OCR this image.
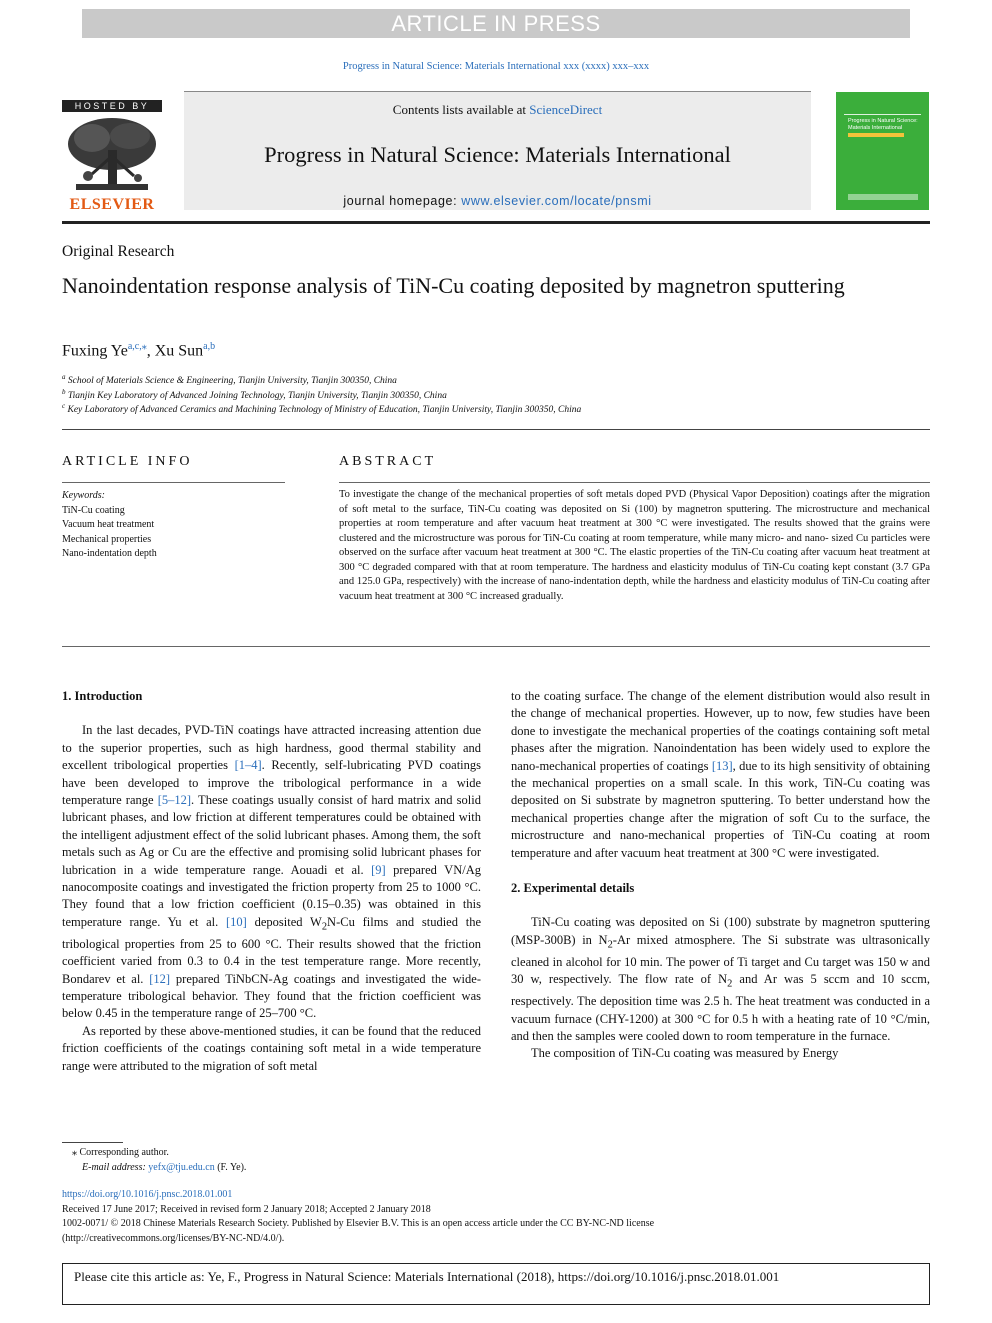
ARTICLE IN PRESS
Progress in Natural Science: Materials International xxx (xxxx) xxx–xxx
HOSTED BY
ELSEVIER
Contents lists available at ScienceDirect
Progress in Natural Science: Materials International
journal homepage: www.elsevier.com/locate/pnsmi
Progress in Natural Science: Materials International
Original Research
Nanoindentation response analysis of TiN-Cu coating deposited by magnetron sputtering
Fuxing $Ye^{a,c,⁎}$, Xu Sun$^{a,b}$
$^a$ School of Materials Science & Engineering, Tianjin University, Tianjin 300350, China
$^b$ Tianjin Key Laboratory of Advanced Joining Technology, Tianjin University, Tianjin 300350, China
$^c$ Key Laboratory of Advanced Ceramics and Machining Technology of Ministry of Education, Tianjin University, Tianjin 300350, China
ARTICLE INFO
Keywords:
TiN-Cu coating
Vacuum heat treatment
Mechanical properties
Nano-indentation depth
ABSTRACT
To investigate the change of the mechanical properties of soft metals doped PVD (Physical Vapor Deposition) coatings after the migration of soft metal to the surface, TiN-Cu coating was deposited on Si (100) by magnetron sputtering. The microstructure and mechanical properties at room temperature and after vacuum heat treatment at 300 °C were investigated. The results showed that the grains were clustered and the microstructure was porous for TiN-Cu coating at room temperature, while many micro- and nano- sized Cu particles were observed on the surface after vacuum heat treatment at 300 °C. The elastic properties of the TiN-Cu coating after vacuum heat treatment at 300 °C degraded compared with that at room temperature. The hardness and elasticity modulus of TiN-Cu coating kept constant (3.7 GPa and 125.0 GPa, respectively) with the increase of nano-indentation depth, while the hardness and elasticity modulus of TiN-Cu coating after vacuum heat treatment at 300 °C increased gradually.
1. Introduction

In the last decades, PVD-TiN coatings have attracted increasing attention due to the superior properties, such as high hardness, good thermal stability and excellent tribological properties [1–4]. Recently, self-lubricating PVD coatings have been developed to improve the tribological performance in a wide temperature range [5–12]. These coatings usually consist of hard matrix and solid lubricant phases, and low friction at different temperatures could be obtained with the intelligent adjustment effect of the solid lubricant phases. Among them, the soft metals such as Ag or Cu are the effective and promising solid lubricant phases for lubrication in a wide temperature range. Aouadi et al. [9] prepared VN/Ag nanocomposite coatings and investigated the friction property from 25 to 1000 °C. They found that a low friction coefficient (0.15–0.35) was obtained in this temperature range. Yu et al. [10] deposited $W_2N-Cu$ films and studied the tribological properties from 25 to 600 °C. Their results showed that the friction coefficient varied from 0.3 to 0.4 in the test temperature range. More recently, Bondarev et al. [12] prepared TiNbCN-Ag coatings and investigated the wide-temperature tribological behavior. They found that the friction coefficient was below 0.45 in the temperature range of 25–700 °C.

As reported by these above-mentioned studies, it can be found that the reduced friction coefficients of the coatings containing soft metal in a wide temperature range were attributed to the migration of soft metal

to the coating surface. The change of the element distribution would also result in the change of mechanical properties. However, up to now, few studies have been done to investigate the mechanical properties of the coatings containing soft metal phases after the migration. Nanoindentation has been widely used to explore the nano-mechanical properties of coatings [13], due to its high sensitivity of obtaining the mechanical properties on a small scale. In this work, TiN-Cu coating was deposited on Si substrate by magnetron sputtering. To better understand how the mechanical properties change after the migration of soft Cu to the surface, the microstructure and nano-mechanical properties of TiN-Cu coating at room temperature and after vacuum heat treatment at 300 °C were investigated.

2. Experimental details

TiN-Cu coating was deposited on Si (100) substrate by magnetron sputtering (MSP-300B) in $N_2-Ar$ mixed atmosphere. The Si substrate was ultrasonically cleaned in alcohol for 10 min. The power of Ti target and Cu target was 150 w and 30 w, respectively. The flow rate of $N_2$ and Ar was 5 sccm and 10 sccm, respectively. The deposition time was 2.5 h. The heat treatment was conducted in a vacuum furnace (CHY-1200) at 300 °C for 0.5 h with a heating rate of 10 °C/min, and then the samples were cooled down to room temperature in the furnace.

The composition of TiN-Cu coating was measured by Energy

⁎ Corresponding author.
E-mail address: yefx@tju.edu.cn (F. Ye).
https://doi.org/10.1016/j.pnsc.2018.01.001
Received 17 June 2017; Received in revised form 2 January 2018; Accepted 2 January 2018
1002-0071/ © 2018 Chinese Materials Research Society. Published by Elsevier B.V. This is an open access article under the CC BY-NC-ND license
(http://creativecommons.org/licenses/BY-NC-ND/4.0/).
Please cite this article as: Ye, F., Progress in Natural Science: Materials International (2018), https://doi.org/10.1016/j.pnsc.2018.01.001
